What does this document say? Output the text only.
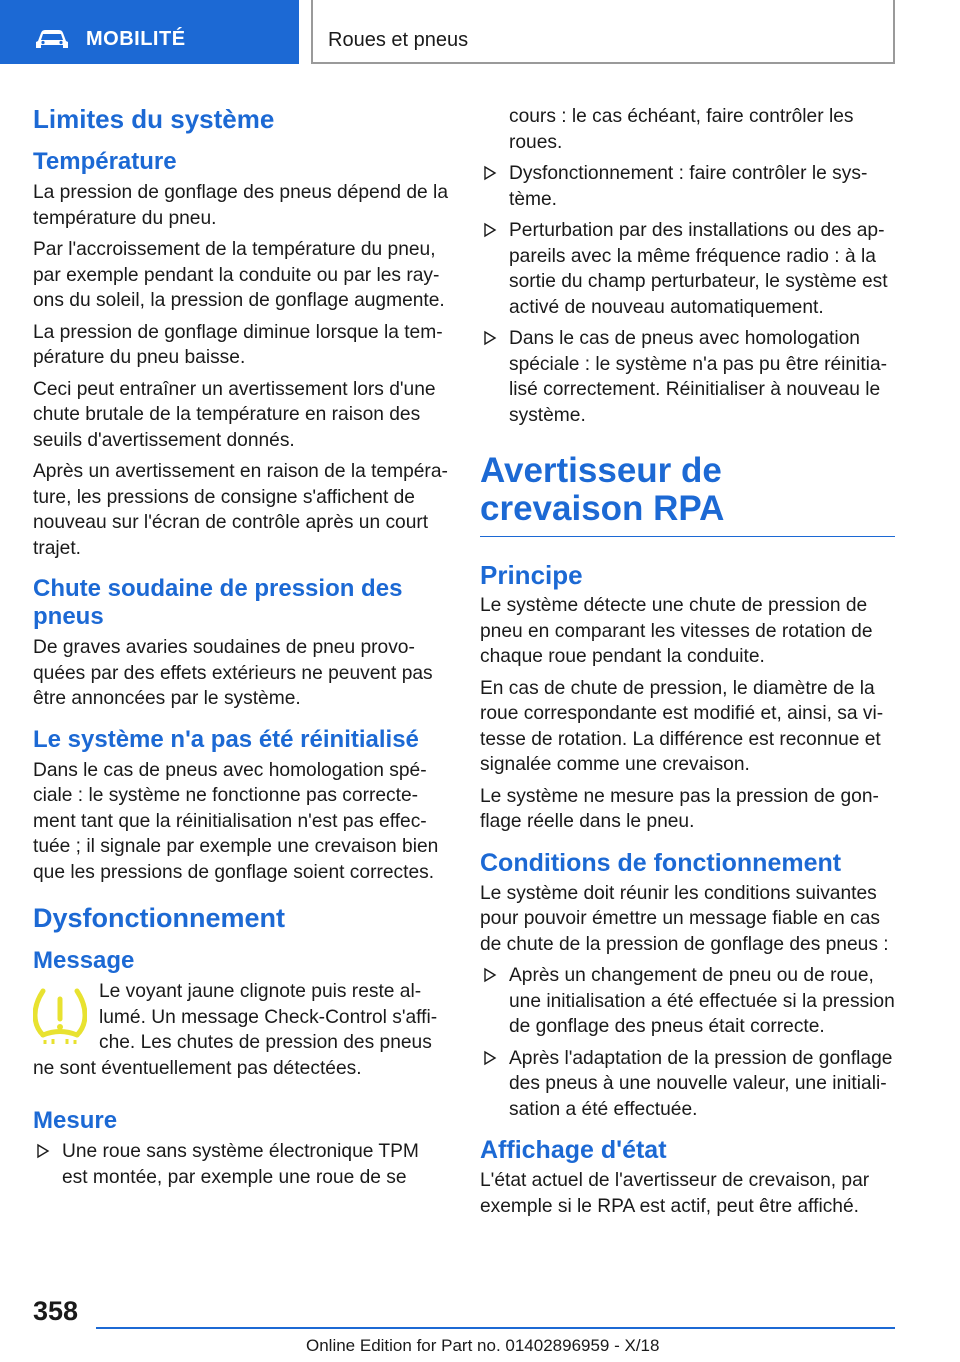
MOBILITÉ	Roues et pneus
Limites du système
Température

La pression de gonflage des pneus dépend de la température du pneu.

Par l'accroissement de la température du pneu, par exemple pendant la conduite ou par les rayons du soleil, la pression de gonflage augmente.

La pression de gonflage diminue lorsque la température du pneu baisse.

Ceci peut entraîner un avertissement lors d'une chute brutale de la température en raison des seuils d'avertissement donnés.

Après un avertissement en raison de la température, les pressions de consigne s'affichent de nouveau sur l'écran de contrôle après un court trajet.

Chute soudaine de pression des pneus

De graves avaries soudaines de pneu provoquées par des effets extérieurs ne peuvent pas être annoncées par le système.

Le système n'a pas été réinitialisé

Dans le cas de pneus avec homologation spéciale : le système ne fonctionne pas correctement tant que la réinitialisation n'est pas effectuée ; il signale par exemple une crevaison bien que les pressions de gonflage soient correctes.

Dysfonctionnement
Message

Le voyant jaune clignote puis reste allumé. Un message Check-Control s'affiche. Les chutes de pression des pneus ne sont éventuellement pas détectées.

Mesure
Une roue sans système électronique TPM est montée, par exemple une roue de se

cours : le cas échéant, faire contrôler les roues.

Dysfonctionnement : faire contrôler le système.
Perturbation par des installations ou des appareils avec la même fréquence radio : à la sortie du champ perturbateur, le système est activé de nouveau automatiquement.
Dans le cas de pneus avec homologation spéciale : le système n'a pas pu être réinitialisé correctement. Réinitialiser à nouveau le système.
Avertisseur de crevaison RPA
Principe

Le système détecte une chute de pression de pneu en comparant les vitesses de rotation de chaque roue pendant la conduite.

En cas de chute de pression, le diamètre de la roue correspondante est modifié et, ainsi, sa vitesse de rotation. La différence est reconnue et signalée comme une crevaison.

Le système ne mesure pas la pression de gonflage réelle dans le pneu.

Conditions de fonctionnement

Le système doit réunir les conditions suivantes pour pouvoir émettre un message fiable en cas de chute de la pression de gonflage des pneus :

Après un changement de pneu ou de roue, une initialisation a été effectuée si la pression de gonflage des pneus était correcte.
Après l'adaptation de la pression de gonflage des pneus à une nouvelle valeur, une initialisation a été effectuée.
Affichage d'état

L'état actuel de l'avertisseur de crevaison, par exemple si le RPA est actif, peut être affiché.

358
Online Edition for Part no. 01402896959 - X/18
